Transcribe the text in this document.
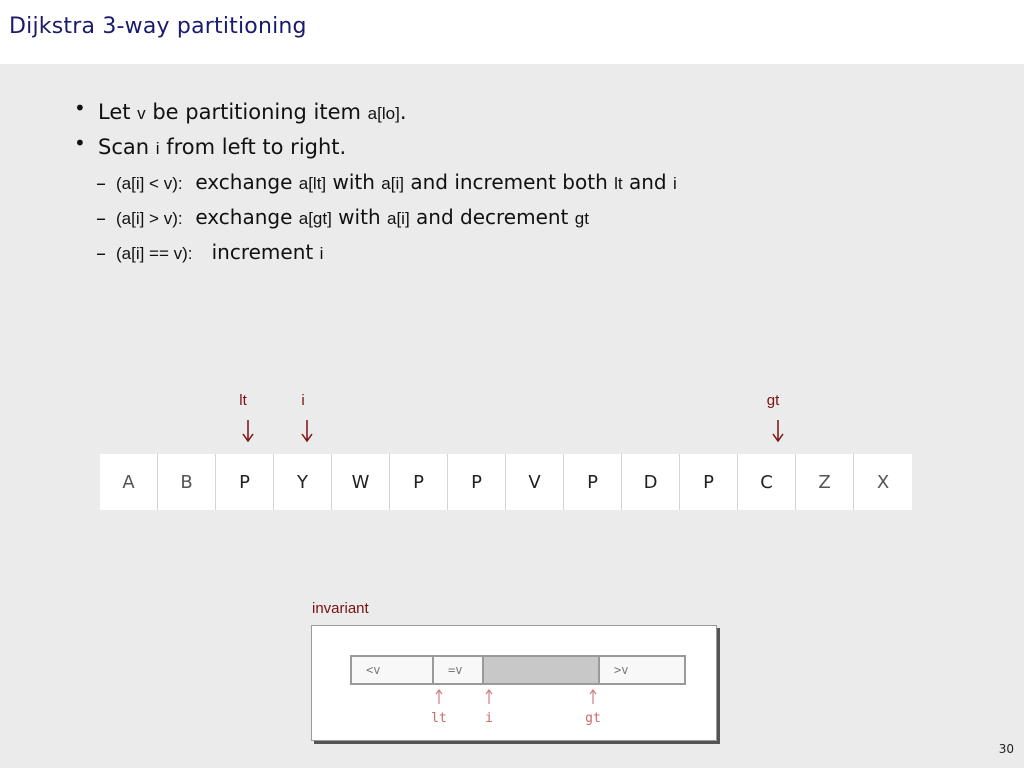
Dijkstra 3-way partitioning
• Let v be partitioning item a[lo].
• Scan i from left to right.
– (a[i] < v): exchange a[lt] with a[i] and increment both lt and i
– (a[i] > v): exchange a[gt] with a[i] and decrement gt
– (a[i] == v): increment i
lt	i	gt
A	B	P	Y	W	P	P	V	P	D	P	C	Z	X
invariant
<v	=v	>v
lt	i	gt
30
